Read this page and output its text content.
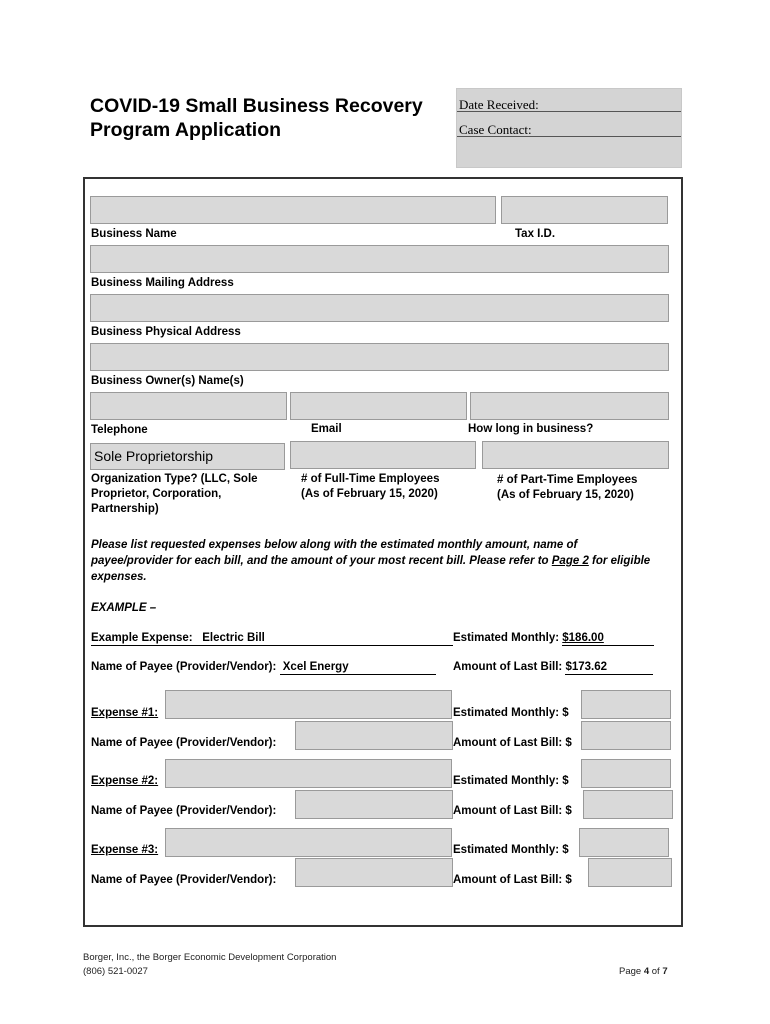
COVID-19 Small Business Recovery
Program Application
Date Received:
Case Contact:
Business Name	Tax I.D.
Business Mailing Address
Business Physical Address
Business Owner(s) Name(s)
Telephone	Email	How long in business?
Sole Proprietorship
Organization Type? (LLC, Sole Proprietor, Corporation, Partnership)
# of Full-Time Employees
(As of February 15, 2020)
# of Part-Time Employees
(As of February 15, 2020)
Please list requested expenses below along with the estimated monthly amount, name of payee/provider for each bill, and the amount of your most recent bill. Please refer to Page 2 for eligible expenses.
EXAMPLE –
Example Expense: Electric Bill	Estimated Monthly: $186.00
Name of Payee (Provider/Vendor): Xcel Energy	Amount of Last Bill: $173.62
Expense #1:	Estimated Monthly: $
Name of Payee (Provider/Vendor):	Amount of Last Bill: $
Expense #2:	Estimated Monthly: $
Name of Payee (Provider/Vendor):	Amount of Last Bill: $
Expense #3:	Estimated Monthly: $
Name of Payee (Provider/Vendor):	Amount of Last Bill: $
Borger, Inc., the Borger Economic Development Corporation
(806) 521-0027	Page 4 of 7
